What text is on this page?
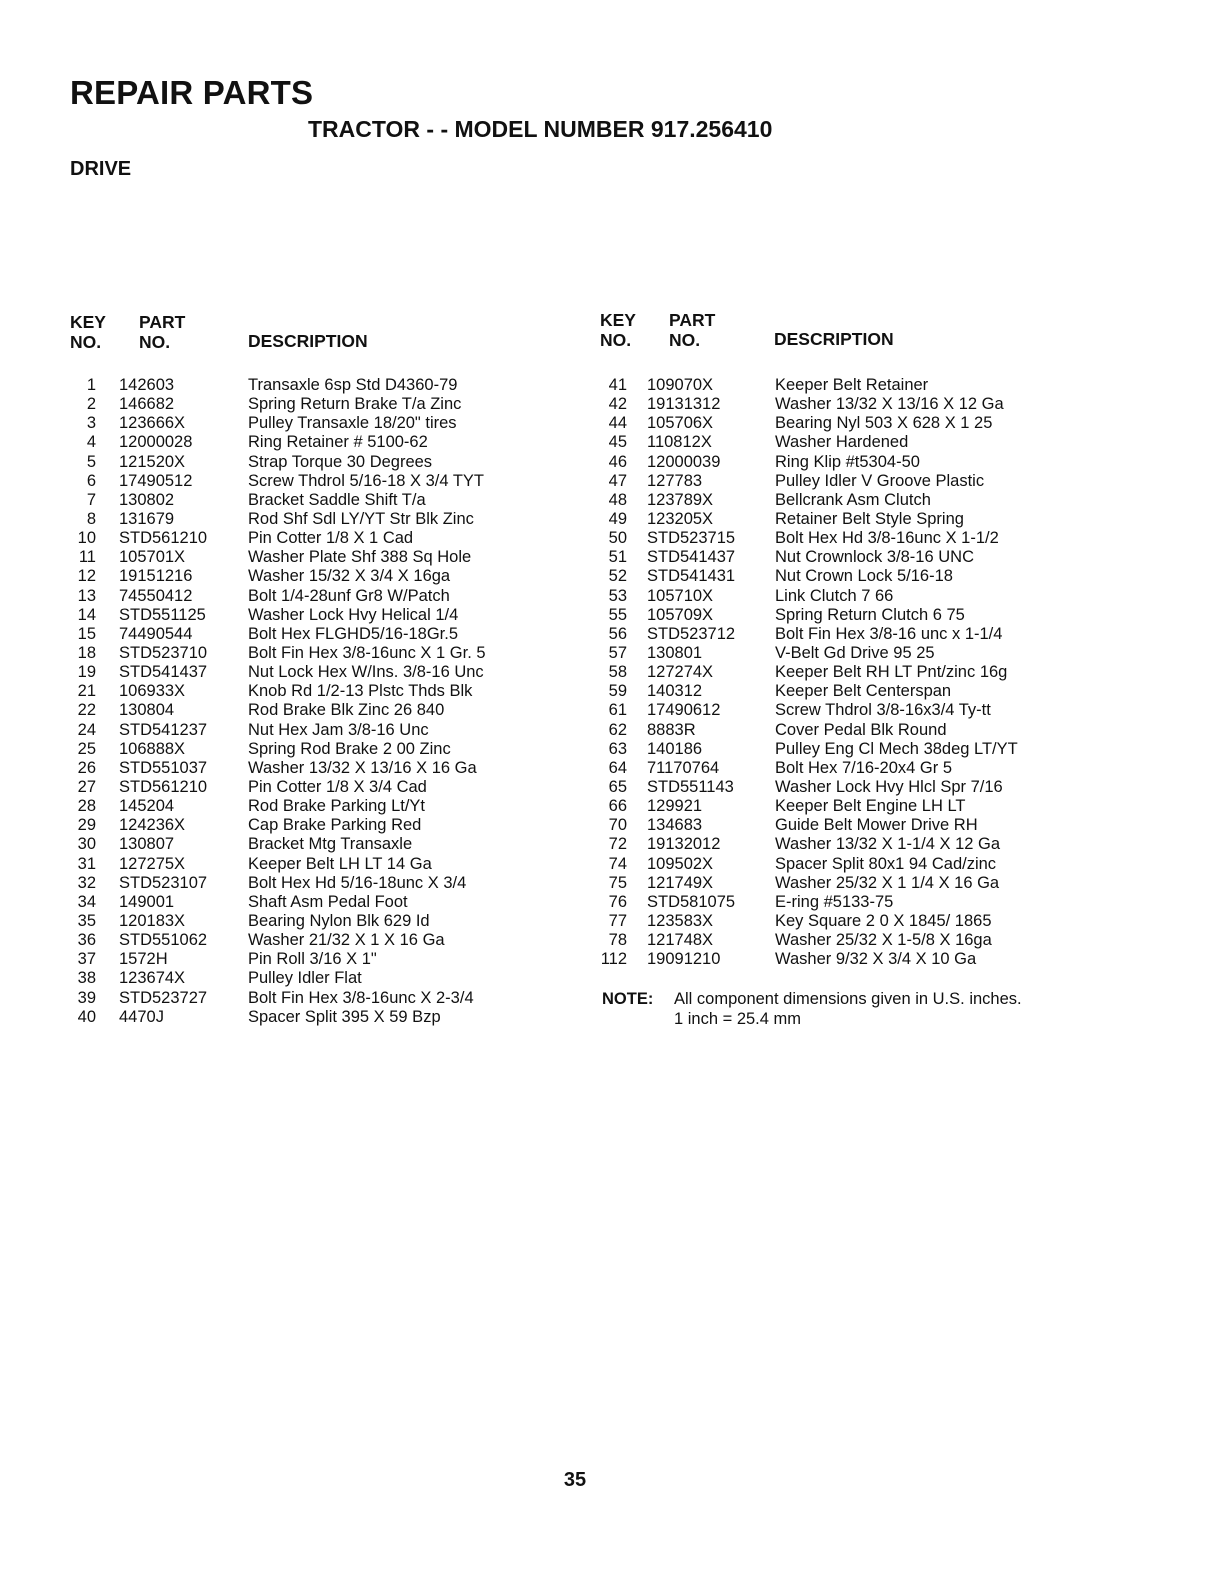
REPAIR PARTS
TRACTOR - - MODEL NUMBER 917.256410
DRIVE
KEY
NO.
PART
NO.	DESCRIPTION
1 142603	Transaxle 6sp Std D4360-79
2 146682	Spring Return Brake T/a Zinc
3 123666X	Pulley Transaxle 18/20" tires
4 12000028	Ring Retainer # 5100-62
5 121520X	Strap Torque 30 Degrees
6 17490512	Screw Thdrol 5/16-18 X 3/4 TYT
7 130802	Bracket Saddle Shift T/a
8 131679	Rod Shf Sdl LY/YT Str Blk Zinc
10 STD561210 Pin Cotter 1/8 X 1 Cad
11 105701X	Washer Plate Shf 388 Sq Hole
12 19151216	Washer 15/32 X 3/4 X 16ga
13 74550412	Bolt 1/4-28unf Gr8 W/Patch
14 STD551125	Washer Lock Hvy Helical 1/4
15 74490544	Bolt Hex FLGHD5/16-18Gr.5
18 STD523710 Bolt Fin Hex 3/8-16unc X 1 Gr. 5
19 STD541437 Nut Lock Hex W/Ins. 3/8-16 Unc
21 106933X	Knob Rd 1/2-13 Plstc Thds Blk
22 130804	Rod Brake Blk Zinc 26 840
24 STD541237 Nut Hex Jam 3/8-16 Unc
25 106888X	Spring Rod Brake 2 00 Zinc
26 STD551037 Washer 13/32 X 13/16 X 16 Ga
27 STD561210 Pin Cotter 1/8 X 3/4 Cad
28 145204	Rod Brake Parking Lt/Yt
29 124236X	Cap Brake Parking Red
30 130807	Bracket Mtg Transaxle
31 127275X	Keeper Belt LH LT 14 Ga
32 STD523107 Bolt Hex Hd 5/16-18unc X 3/4
34 149001	Shaft Asm Pedal Foot
35 120183X	Bearing Nylon Blk 629 Id
36 STD551062 Washer 21/32 X 1 X 16 Ga
37 1572H	Pin Roll 3/16 X 1"
38 123674X	Pulley Idler Flat
39 STD523727 Bolt Fin Hex 3/8-16unc X 2-3/4
40 4470J	Spacer Split 395 X 59 Bzp
KEY
NO.
PART
NO.	DESCRIPTION
41 109070X	Keeper Belt Retainer
42 19131312	Washer 13/32 X 13/16 X 12 Ga
44 105706X	Bearing Nyl 503 X 628 X 1 25
45 110812X	Washer Hardened
46 12000039	Ring Klip #t5304-50
47 127783	Pulley Idler V Groove Plastic
48 123789X	Bellcrank Asm Clutch
49 123205X	Retainer Belt Style Spring
50 STD523715 Bolt Hex Hd 3/8-16unc X 1-1/2
51 STD541437 Nut Crownlock 3/8-16 UNC
52 STD541431 Nut Crown Lock 5/16-18
53 105710X	Link Clutch 7 66
55 105709X	Spring Return Clutch 6 75
56 STD523712 Bolt Fin Hex 3/8-16 unc x 1-1/4
57 130801	V-Belt Gd Drive 95 25
58 127274X	Keeper Belt RH LT Pnt/zinc 16g
59 140312	Keeper Belt Centerspan
61 17490612	Screw Thdrol 3/8-16x3/4 Ty-tt
62 8883R	Cover Pedal Blk Round
63 140186	Pulley Eng Cl Mech 38deg LT/YT
64 71170764	Bolt Hex 7/16-20x4 Gr 5
65 STD551143 Washer Lock Hvy Hlcl Spr 7/16
66 129921	Keeper Belt Engine LH LT
70 134683	Guide Belt Mower Drive RH
72 19132012	Washer 13/32 X 1-1/4 X 12 Ga
74 109502X	Spacer Split 80x1 94 Cad/zinc
75 121749X	Washer 25/32 X 1 1/4 X 16 Ga
76 STD581075 E-ring #5133-75
77 123583X	Key Square 2 0 X 1845/ 1865
78 121748X	Washer 25/32 X 1-5/8 X 16ga
112 19091210	Washer 9/32 X 3/4 X 10 Ga
NOTE: All component dimensions given in U.S. inches.
1 inch = 25.4 mm
35
